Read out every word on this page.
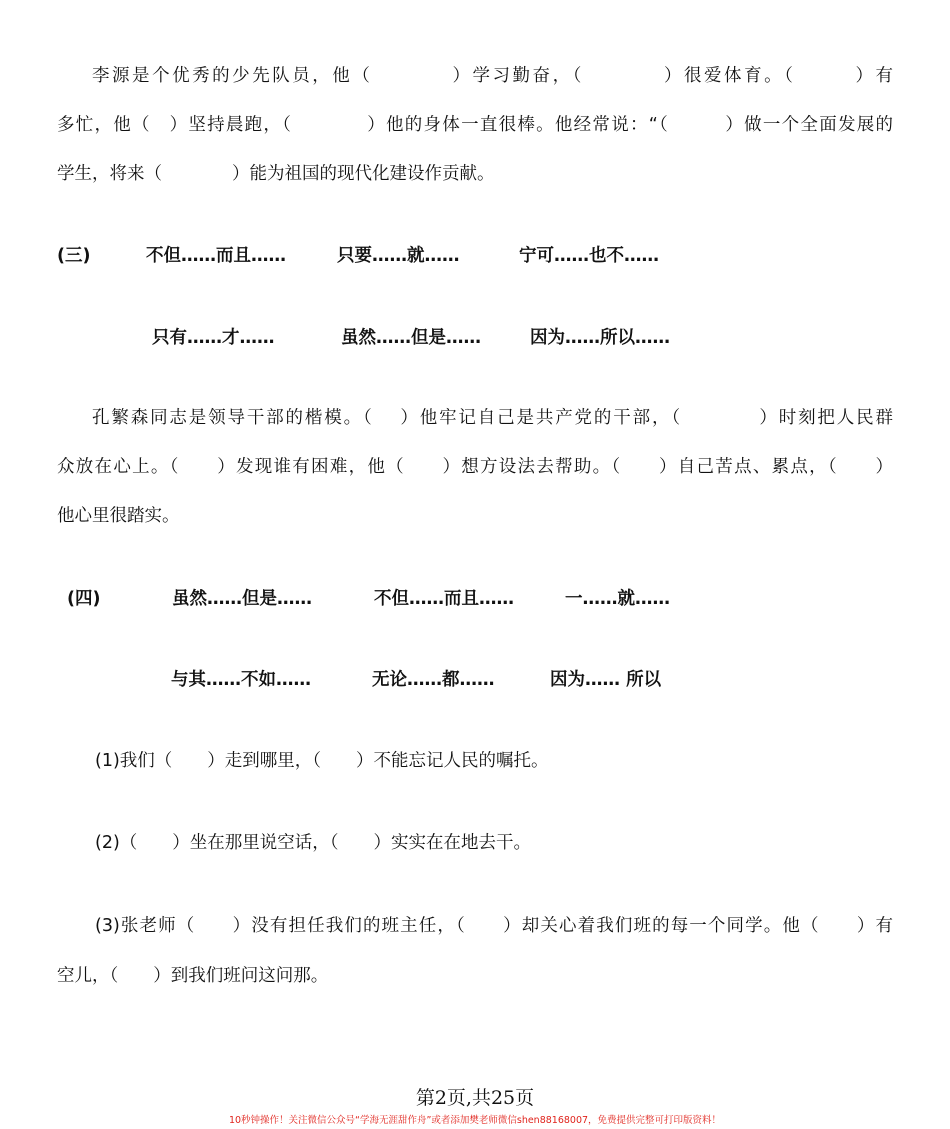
李源是个优秀的少先队员，他（　　　　）学习勤奋，（　　　　）很爱体育。（　　　）有
多忙，他（　）坚持晨跑，（　　　　）他的身体一直很棒。他经常说：“（　　　）做一个全面发展的
学生，将来（　　　　）能为祖国的现代化建设作贡献。
(三)	不但……而且……	只要……就……	宁可……也不……
只有……才……	虽然……但是……	因为……所以……
孔繁森同志是领导干部的楷模。（　 ）他牢记自己是共产党的干部，（　　　　）时刻把人民群
众放在心上。（　　）发现谁有困难，他（　　）想方设法去帮助。（　　）自己苦点、累点，（　　）
他心里很踏实。
(四)	虽然……但是……	不但……而且……	一……就……
与其……不如……	无论……都……	因为…… 所以
(1)我们（　　）走到哪里，（　　）不能忘记人民的嘱托。
(2)（　　）坐在那里说空话，（　　）实实在在地去干。
(3)张老师（　　）没有担任我们的班主任，（　　）却关心着我们班的每一个同学。他（　　）有
空儿，（　　）到我们班问这问那。
第2页,共25页
10秒钟操作！关注微信公众号“学海无涯甜作舟”或者添加樊老师微信shen88168007，免费提供完整可打印版资料！
